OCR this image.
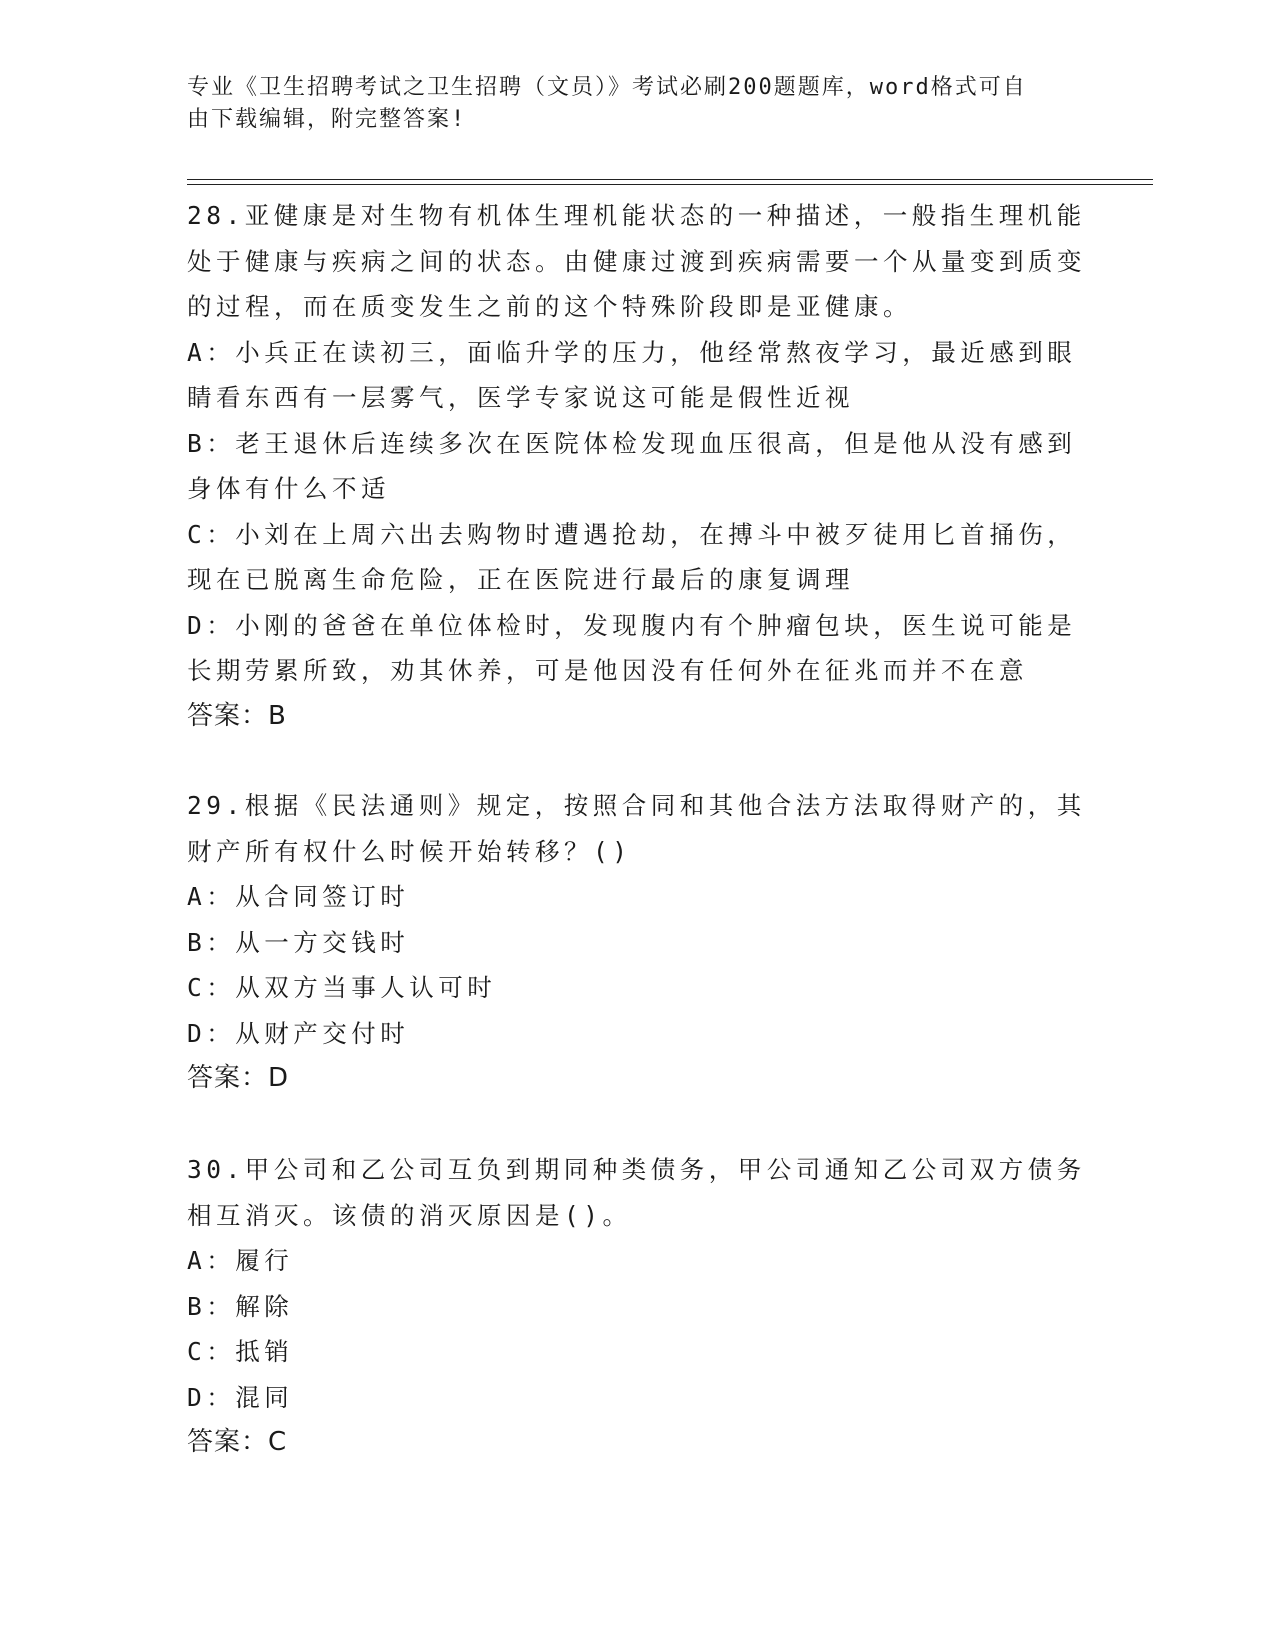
专业《卫生招聘考试之卫生招聘（文员）》考试必刷200题题库，word格式可自
由下载编辑，附完整答案!

28.亚健康是对生物有机体生理机能状态的一种描述，一般指生理机能处于健康与疾病之间的状态。由健康过渡到疾病需要一个从量变到质变的过程，而在质变发生之前的这个特殊阶段即是亚健康。

A：小兵正在读初三，面临升学的压力，他经常熬夜学习，最近感到眼睛看东西有一层雾气，医学专家说这可能是假性近视

B：老王退休后连续多次在医院体检发现血压很高，但是他从没有感到身体有什么不适

C：小刘在上周六出去购物时遭遇抢劫，在搏斗中被歹徒用匕首捅伤，现在已脱离生命危险，正在医院进行最后的康复调理

D：小刚的爸爸在单位体检时，发现腹内有个肿瘤包块，医生说可能是长期劳累所致，劝其休养，可是他因没有任何外在征兆而并不在意

答案：B

29.根据《民法通则》规定，按照合同和其他合法方法取得财产的，其财产所有权什么时候开始转移？()

A：从合同签订时

B：从一方交钱时

C：从双方当事人认可时

D：从财产交付时

答案：D

30.甲公司和乙公司互负到期同种类债务，甲公司通知乙公司双方债务相互消灭。该债的消灭原因是()。

A：履行

B：解除

C：抵销

D：混同

答案：C
